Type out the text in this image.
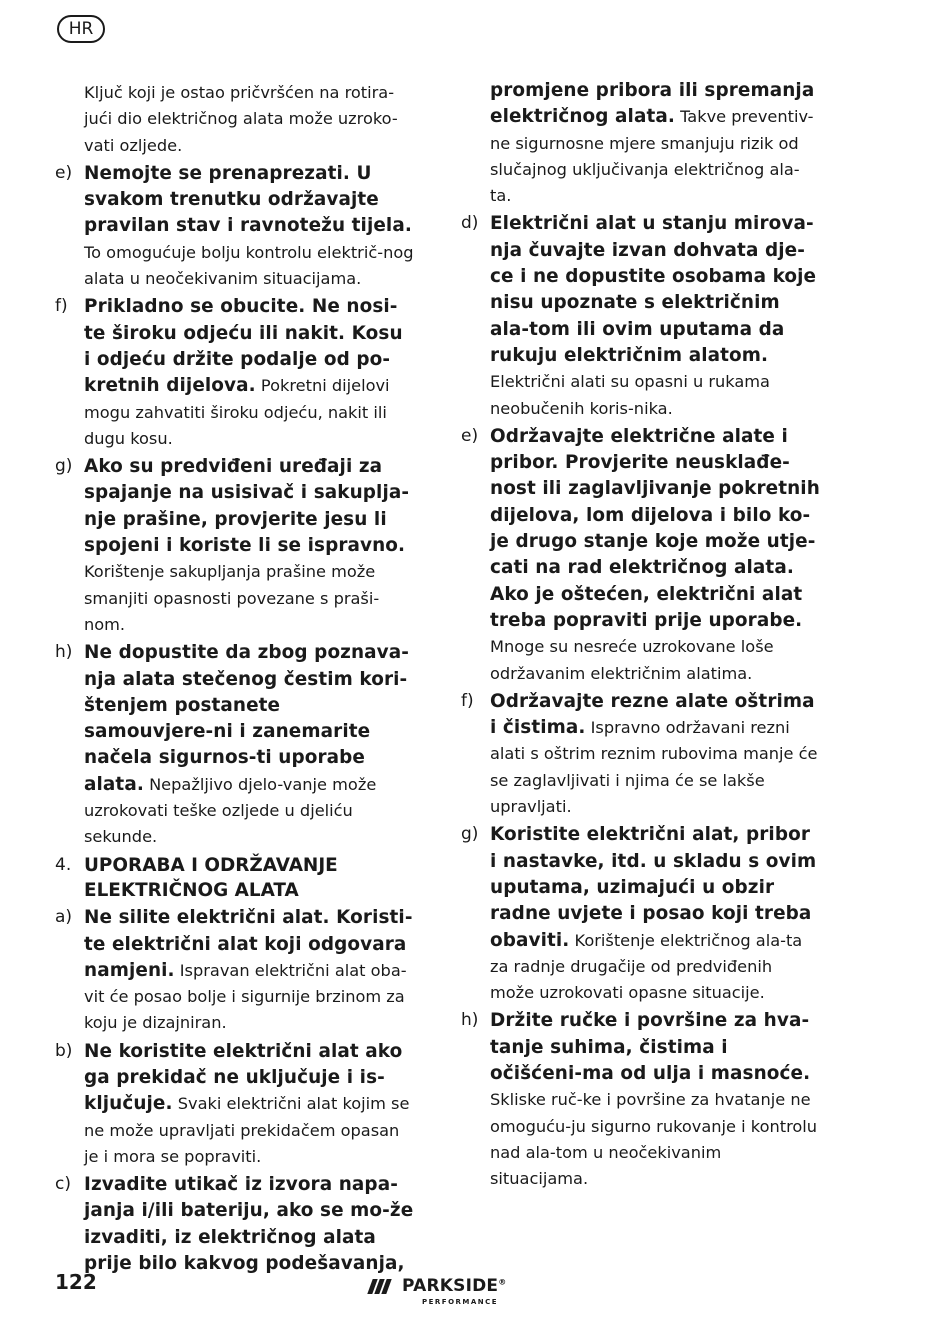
HR

Ključ koji je ostao pričvršćen na rotira-jući dio električnog alata može uzroko-vati ozljede.

e) Nemojte se prenaprezati. U svakom trenutku održavajte pravilan stav i ravnotežu tijela. To omogućuje bolju kontrolu električ-nog alata u neočekivanim situacijama.

f) Prikladno se obucite. Ne nosi-te široku odjeću ili nakit. Kosu i odjeću držite podalje od po-kretnih dijelova. Pokretni dijelovi mogu zahvatiti široku odjeću, nakit ili dugu kosu.

g) Ako su predviđeni uređaji za spajanje na usisivač i sakuplja-nje prašine, provjerite jesu li spojeni i koriste li se ispravno. Korištenje sakupljanja prašine može smanjiti opasnosti povezane s praši-nom.

h) Ne dopustite da zbog poznava-nja alata stečenog čestim kori-štenjem postanete samouvjere-ni i zanemarite načela sigurnos-ti uporabe alata. Nepažljivo djelo-vanje može uzrokovati teške ozljede u djeliću sekunde.

4. UPORABA I ODRŽAVANJE ELEKTRIČNOG ALATA

a) Ne silite električni alat. Koristi-te električni alat koji odgovara namjeni. Ispravan električni alat oba-vit će posao bolje i sigurnije brzinom za koju je dizajniran.

b) Ne koristite električni alat ako ga prekidač ne uključuje i is-ključuje. Svaki električni alat kojim se ne može upravljati prekidačem opasan je i mora se popraviti.

c) Izvadite utikač iz izvora napa-janja i/ili bateriju, ako se mo-že izvaditi, iz električnog alata prije bilo kakvog podešavanja,

promjene pribora ili spremanja električnog alata. Takve preventiv-ne sigurnosne mjere smanjuju rizik od slučajnog uključivanja električnog ala-ta.

d) Električni alat u stanju mirova-nja čuvajte izvan dohvata dje-ce i ne dopustite osobama koje nisu upoznate s električnim ala-tom ili ovim uputama da rukuju električnim alatom. Električni alati su opasni u rukama neobučenih koris-nika.

e) Održavajte električne alate i pribor. Provjerite neusklađe-nost ili zaglavljivanje pokretnih dijelova, lom dijelova i bilo ko-je drugo stanje koje može utje-cati na rad električnog alata. Ako je oštećen, električni alat treba popraviti prije uporabe. Mnoge su nesreće uzrokovane loše održavanim električnim alatima.

f) Održavajte rezne alate oštrima i čistima. Ispravno održavani rezni alati s oštrim reznim rubovima manje će se zaglavljivati i njima će se lakše upravljati.

g) Koristite električni alat, pribor i nastavke, itd. u skladu s ovim uputama, uzimajući u obzir radne uvjete i posao koji treba obaviti. Korištenje električnog ala-ta za radnje drugačije od predviđenih može uzrokovati opasne situacije.

h) Držite ručke i površine za hva-tanje suhima, čistima i očišćeni-ma od ulja i masnoće. Skliske ruč-ke i površine za hvatanje ne omoguću-ju sigurno rukovanje i kontrolu nad ala-tom u neočekivanim situacijama.

122	PARKSIDE®
PERFORMANCE
